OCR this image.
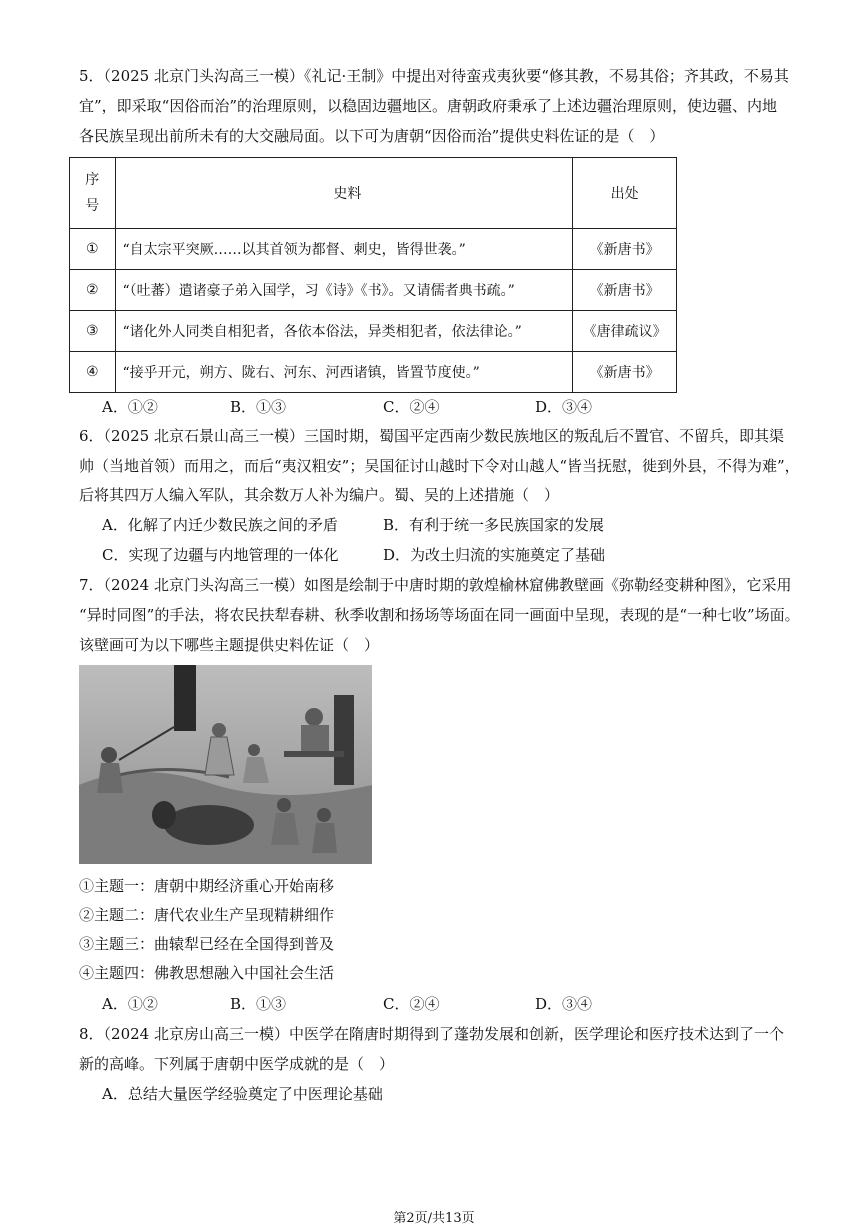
5．（2025 北京门头沟高三一模）《礼记·王制》中提出对待蛮戎夷狄要“修其教，不易其俗；齐其政，不易其
宜”，即采取“因俗而治”的治理原则，以稳固边疆地区。唐朝政府秉承了上述边疆治理原则，使边疆、内地
各民族呈现出前所未有的大交融局面。以下可为唐朝“因俗而治”提供史料佐证的是（　）
序
号	史料	出处
①	“自太宗平突厥……以其首领为都督、刺史，皆得世袭。”	《新唐书》
②	“（吐蕃）遣诸豪子弟入国学，习《诗》《书》。又请儒者典书疏。”	《新唐书》
③	“诸化外人同类自相犯者，各依本俗法，异类相犯者，依法律论。”	《唐律疏议》
④	“接乎开元，朔方、陇右、河东、河西诸镇，皆置节度使。”	《新唐书》
A．①②	B．①③	C．②④	D．③④
6．（2025 北京石景山高三一模）三国时期，蜀国平定西南少数民族地区的叛乱后不置官、不留兵，即其渠
帅（当地首领）而用之，而后“夷汉粗安”；吴国征讨山越时下令对山越人“皆当抚慰，徙到外县，不得为难”，
后将其四万人编入军队，其余数万人补为编户。蜀、吴的上述措施（　）
A．化解了内迁少数民族之间的矛盾	B．有利于统一多民族国家的发展
C．实现了边疆与内地管理的一体化	D．为改土归流的实施奠定了基础
7．（2024 北京门头沟高三一模）如图是绘制于中唐时期的敦煌榆林窟佛教壁画《弥勒经变耕种图》，它采用
“异时同图”的手法，将农民扶犁春耕、秋季收割和扬场等场面在同一画面中呈现，表现的是“一种七收”场面。
该壁画可为以下哪些主题提供史料佐证（　）
①主题一：唐朝中期经济重心开始南移
②主题二：唐代农业生产呈现精耕细作
③主题三：曲辕犁已经在全国得到普及
④主题四：佛教思想融入中国社会生活
A．①②	B．①③	C．②④	D．③④
8．（2024 北京房山高三一模）中医学在隋唐时期得到了蓬勃发展和创新，医学理论和医疗技术达到了一个
新的高峰。下列属于唐朝中医学成就的是（　）
A．总结大量医学经验奠定了中医理论基础
第2页/共13页
